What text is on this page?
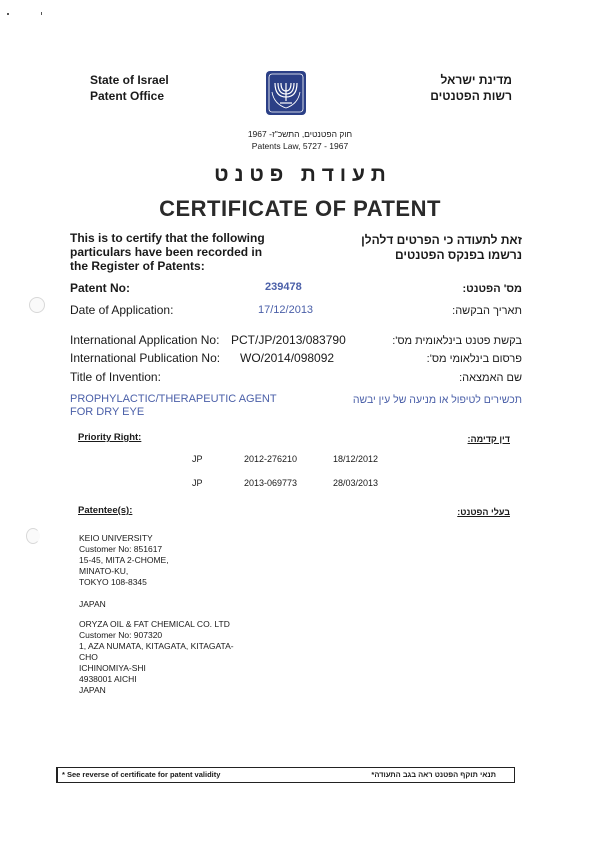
State of Israel
Patent Office
מדינת ישראל
רשות הפטנטים
חוק הפטנטים, התשכ"ז- 1967
Patents Law, 5727 - 1967
ת ע ו ד ת   פ ט נ ט
CERTIFICATE OF PATENT
This is to certify that the following
particulars have been recorded in
the Register of Patents:
זאת לתעודה כי הפרטים דלהלן
נרשמו בפנקס הפטנטים
Patent No:	239478	מס' הפטנט:
Date of Application:	17/12/2013	תאריך הבקשה:
International Application No: PCT/JP/2013/083790	בקשת פטנט בינלאומית מס':
International Publication No: WO/2014/098092	פרסום בינלאומי מס':
Title of Invention:	שם האמצאה:
PROPHYLACTIC/THERAPEUTIC AGENT
FOR DRY EYE
תכשירים לטיפול או מניעה של עין יבשה
Priority Right:	דין קדימה:
JP	2012-276210	18/12/2012
JP	2013-069773	28/03/2013
Patentee(s):	בעלי הפטנט:
KEIO UNIVERSITY
Customer No: 851617
15-45, MITA 2-CHOME,
MINATO-KU,
TOKYO 108-8345
JAPAN
ORYZA OIL & FAT CHEMICAL CO. LTD
Customer No: 907320
1, AZA NUMATA, KITAGATA, KITAGATA-
CHO
ICHINOMIYA-SHI
4938001 AICHI
JAPAN
* See reverse of certificate for patent validity	תנאי תוקף הפטנט ראה בגב התעודה*
